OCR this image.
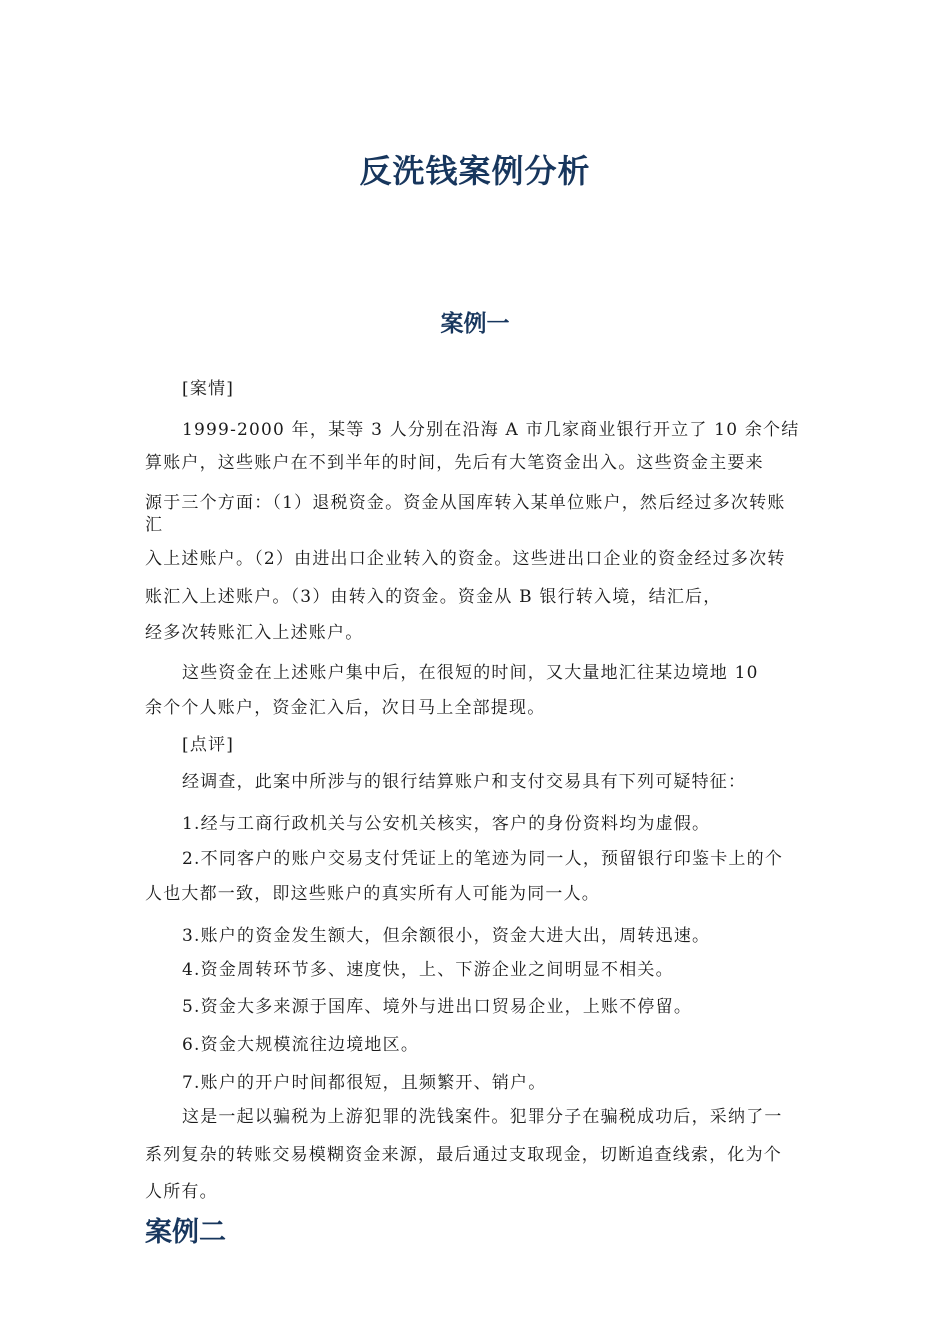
反洗钱案例分析
案例一

[案情]

1999-2000 年，某等 3 人分别在沿海 A 市几家商业银行开立了 10 余个结

算账户，这些账户在不到半年的时间，先后有大笔资金出入。这些资金主要来

源于三个方面：（1）退税资金。资金从国库转入某单位账户，然后经过多次转账

汇

入上述账户。（2）由进出口企业转入的资金。这些进出口企业的资金经过多次转

账汇入上述账户。（3）由转入的资金。资金从 B 银行转入境，结汇后，

经多次转账汇入上述账户。

这些资金在上述账户集中后，在很短的时间，又大量地汇往某边境地 10

余个个人账户，资金汇入后，次日马上全部提现。

[点评]

经调查，此案中所涉与的银行结算账户和支付交易具有下列可疑特征：

1.经与工商行政机关与公安机关核实，客户的身份资料均为虚假。

2.不同客户的账户交易支付凭证上的笔迹为同一人，预留银行印鉴卡上的个

人也大都一致，即这些账户的真实所有人可能为同一人。

3.账户的资金发生额大，但余额很小，资金大进大出，周转迅速。

4.资金周转环节多、速度快，上、下游企业之间明显不相关。

5.资金大多来源于国库、境外与进出口贸易企业，上账不停留。

6.资金大规模流往边境地区。

7.账户的开户时间都很短，且频繁开、销户。

这是一起以骗税为上游犯罪的洗钱案件。犯罪分子在骗税成功后，采纳了一

系列复杂的转账交易模糊资金来源，最后通过支取现金，切断追查线索，化为个

人所有。

案例二
